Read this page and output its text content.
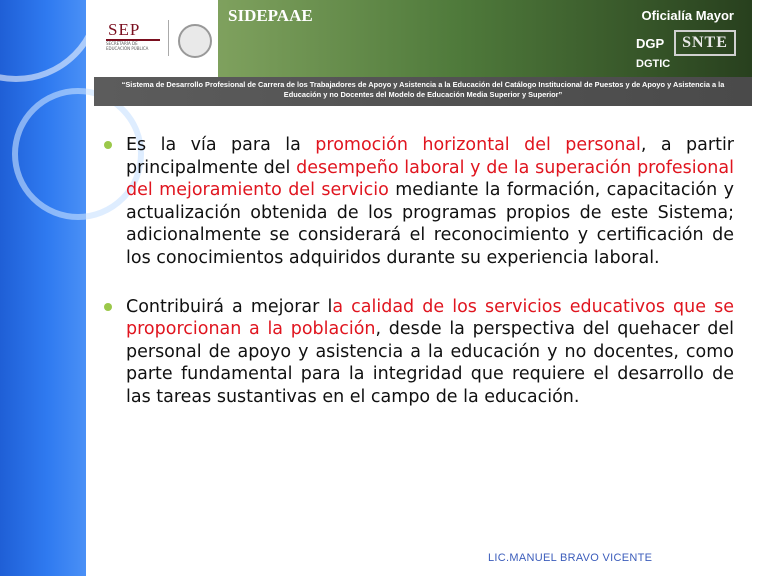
SEP
SECRETARÍA DE EDUCACIÓN PÚBLICA
SIDEPAAE	Oficialía Mayor
DGP	SNTE
DGTIC
“Sistema de Desarrollo Profesional de Carrera de los Trabajadores de Apoyo y Asistencia a la Educación del Catálogo Institucional de Puestos y de Apoyo y Asistencia a la Educación y no Docentes del Modelo de Educación Media Superior y Superior”
Es la vía para la promoción horizontal del personal, a partir principalmente del desempeño laboral y de la superación profesional del mejoramiento del servicio mediante la formación, capacitación y actualización obtenida de los programas propios de este Sistema; adicionalmente se considerará el reconocimiento y certificación de los conocimientos adquiridos durante su experiencia laboral.
Contribuirá a mejorar la calidad de los servicios educativos que se proporcionan a la población, desde la perspectiva del quehacer del personal de apoyo y asistencia a la educación y no docentes, como parte fundamental para la integridad que requiere el desarrollo de las tareas sustantivas en el campo de la educación.
LIC.MANUEL BRAVO VICENTE
